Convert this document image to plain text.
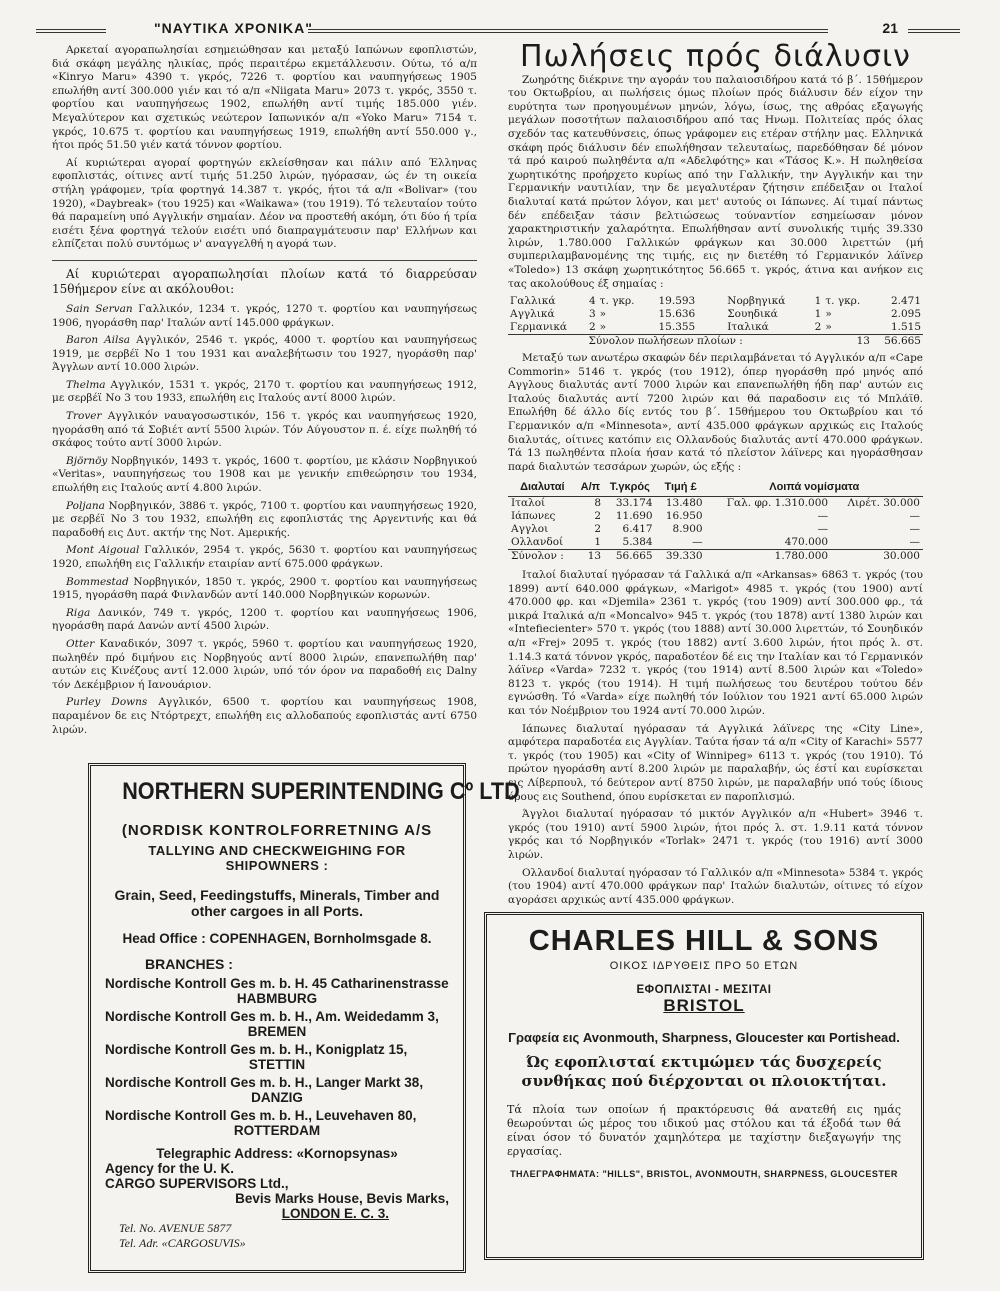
"ΝΑΥΤΙΚΑ ΧΡΟΝΙΚΑ"	21

Αρκεταί αγοραπωλησίαι εσημειώθησαν και μεταξύ Ιαπώνων εφοπλιστών, διά σκάφη μεγάλης ηλικίας, πρός περαιτέρω εκμετάλλευσιν. Ούτω, τό α/π «Kinryo Maru» 4390 τ. γκρός, 7226 τ. φορτίου και ναυπηγήσεως 1905 επωλήθη αντί 300.000 γιέν και τό α/π «Niigata Maru» 2073 τ. γκρός, 3550 τ. φορτίου και ναυπηγήσεως 1902, επωλήθη αντί τιμής 185.000 γιέν. Μεγαλύτερον και σχετικώς νεώτερον Ιαπωνικόν α/π «Yoko Maru» 7154 τ. γκρός, 10.675 τ. φορτίου και ναυπηγήσεως 1919, επωλήθη αντί 550.000 γ., ήτοι πρός 51.50 γιέν κατά τόννον φορτίου.

Αί κυριώτεραι αγοραί φορτηγών εκλείσθησαν και πάλιν από Έλληνας εφοπλιστάς, οίτινες αντί τιμής 51.250 λιρών, ηγόρασαν, ώς έν τη οικεία στήλη γράφομεν, τρία φορτηγά 14.387 τ. γκρός, ήτοι τά α/π «Bolivar» (του 1920), «Daybreak» (του 1925) και «Waikawa» (του 1919). Τό τελευταίον τούτο θά παραμείνη υπό Αγγλικήν σημαίαν. Δέον να προστεθή ακόμη, ότι δύο ή τρία εισέτι ξένα φορτηγά τελούν εισέτι υπό διαπραγμάτευσιν παρ' Ελλήνων και ελπίζεται πολύ συντόμως ν' αναγγελθή η αγορά των.

Αί κυριώτεραι αγοραπωλησίαι πλοίων κατά τό διαρρεύσαν 15θήμερον είνε αι ακόλουθοι:

Sain Servan Γαλλικόν, 1234 τ. γκρός, 1270 τ. φορτίου και ναυπηγήσεως 1906, ηγοράσθη παρ' Ιταλών αντί 145.000 φράγκων.

Baron Ailsa Αγγλικόν, 2546 τ. γκρός, 4000 τ. φορτίου και ναυπηγήσεως 1919, με σερβέϊ No 1 του 1931 και αναλεβήτωσιν του 1927, ηγοράσθη παρ' Άγγλων αντί 10.000 λιρών.

Thelma Αγγλικόν, 1531 τ. γκρός, 2170 τ. φορτίου και ναυπηγήσεως 1912, με σερβέϊ No 3 του 1933, επωλήθη εις Ιταλούς αντί 8000 λιρών.

Trover Αγγλικόν ναυαγοσωστικόν, 156 τ. γκρός και ναυπηγήσεως 1920, ηγοράσθη από τά Σοβιέτ αντί 5500 λιρών. Τόν Αύγουστον π. έ. είχε πωληθή τό σκάφος τούτο αντί 3000 λιρών.

Björnöy Νορβηγικόν, 1493 τ. γκρός, 1600 τ. φορτίου, με κλάσιν Νορβηγικού «Veritas», ναυπηγήσεως του 1908 και με γενικήν επιθεώρησιν του 1934, επωλήθη εις Ιταλούς αντί 4.800 λιρών.

Poljana Νορβηγικόν, 3886 τ. γκρός, 7100 τ. φορτίου και ναυπηγήσεως 1920, με σερβέϊ No 3 του 1932, επωλήθη εις εφοπλιστάς της Αργεντινής και θά παραδοθή εις Δυτ. ακτήν της Νοτ. Αμερικής.

Mont Aigoual Γαλλικόν, 2954 τ. γκρός, 5630 τ. φορτίου και ναυπηγήσεως 1920, επωλήθη εις Γαλλικήν εταιρίαν αντί 675.000 φράγκων.

Bommestad Νορβηγικόν, 1850 τ. γκρός, 2900 τ. φορτίου και ναυπηγήσεως 1915, ηγοράσθη παρά Φινλανδών αντί 140.000 Νορβηγικών κορωνών.

Riga Δανικόν, 749 τ. γκρός, 1200 τ. φορτίου και ναυπηγήσεως 1906, ηγοράσθη παρά Δανών αντί 4500 λιρών.

Otter Καναδικόν, 3097 τ. γκρός, 5960 τ. φορτίου και ναυπηγήσεως 1920, πωληθέν πρό διμήνου εις Νορβηγούς αντί 8000 λιρών, επανεπωλήθη παρ' αυτών εις Κινέζους αντί 12.000 λιρών, υπό τόν όρον να παραδοθή εις Dalny τόν Δεκέμβριον ή Ιανουάριον.

Purley Downs Αγγλικόν, 6500 τ. φορτίου και ναυπηγήσεως 1908, παραμένον δε εις Ντόρτρεχτ, επωλήθη εις αλλοδαπούς εφοπλιστάς αντί 6750 λιρών.

NORTHERN SUPERINTENDING Cº LTD
(NORDISK KONTROLFORRETNING A/S
TALLYING AND CHECKWEIGHING FOR SHIPOWNERS :
Grain, Seed, Feedingstuffs, Minerals, Timber and other cargoes in all Ports.
Head Office : COPENHAGEN, Bornholmsgade 8.
BRANCHES :
Nordische Kontroll Ges m. b. H. 45 Catharinenstrasse
HABMBURG
Nordische Kontroll Ges m. b. H., Am. Weidedamm 3,
BREMEN
Nordische Kontroll Ges m. b. H., Konigplatz 15,
STETTIN
Nordische Kontroll Ges m. b. H., Langer Markt 38,
DANZIG
Nordische Kontroll Ges m. b. H., Leuvehaven 80,
ROTTERDAM
Telegraphic Address: «Kornopsynas»
Agency for the U. K.
CARGO SUPERVISORS Ltd.,
Bevis Marks House, Bevis Marks,
LONDON E. C. 3.
Tel. No. AVENUE 5877
Tel. Adr. «CARGOSUVIS»
Πωλήσεις πρός διάλυσιν

Ζωηρότης διέκρινε την αγοράν του παλαιοσιδήρου κατά τό β΄. 15θήμερον του Οκτωβρίου, αι πωλήσεις όμως πλοίων πρός διάλυσιν δέν είχον την ευρύτητα των προηγουμένων μηνών, λόγω, ίσως, της αθρόας εξαγωγής μεγάλων ποσοτήτων παλαιοσιδήρου από τας Ηνωμ. Πολιτείας πρός όλας σχεδόν τας κατευθύνσεις, όπως γράφομεν εις ετέραν στήλην μας. Ελληνικά σκάφη πρός διάλυσιν δέν επωλήθησαν τελευταίως, παρεδόθησαν δέ μόνον τά πρό καιρού πωληθέντα α/π «Αδελφότης» και «Τάσος Κ.». Η πωληθείσα χωρητικότης προήρχετο κυρίως από την Γαλλικήν, την Αγγλικήν και την Γερμανικήν ναυτιλίαν, την δε μεγαλυτέραν ζήτησιν επέδειξαν οι Ιταλοί διαλυταί κατά πρώτον λόγον, και μετ' αυτούς οι Ιάπωνες. Αί τιμαί πάντως δέν επέδειξαν τάσιν βελτιώσεως τούναντίον εσημείωσαν μόνον χαρακτηριστικήν χαλαρότητα. Επωλήθησαν αντί συνολικής τιμής 39.330 λιρών, 1.780.000 Γαλλικών φράγκων και 30.000 λιρεττών (μή συμπεριλαμβανομένης της τιμής, εις ην διετέθη τό Γερμανικόν λάϊνερ «Toledo») 13 σκάφη χωρητικότητος 56.665 τ. γκρός, άτινα και ανήκον εις τας ακολούθους έξ σημαίας :

Γαλλικά	4	τ. γκρ.	19.593	Νορβηγικά	1	τ. γκρ.	2.471
Αγγλικά	3	»	15.636	Σουηδικά	1	»	2.095
Γερμανικά	2	»	15.355	Ιταλικά	2	»	1.515
Σύνολον πωλήσεων πλοίων :						13	56.665

Μεταξύ των ανωτέρω σκαφών δέν περιλαμβάνεται τό Αγγλικόν α/π «Cape Commorin» 5146 τ. γκρός (του 1912), όπερ ηγοράσθη πρό μηνός από Αγγλους διαλυτάς αντί 7000 λιρών και επανεπωλήθη ήδη παρ' αυτών εις Ιταλούς διαλυτάς αντί 7200 λιρών και θά παραδοσιν εις τό Μπλάϊθ. Επωλήθη δέ άλλο δίς εντός του β΄. 15θήμερου του Οκτωβρίου και τό Γερμανικόν α/π «Minnesota», αντί 435.000 φράγκων αρχικώς εις Ιταλούς διαλυτάς, οίτινες κατόπιν εις Ολλανδούς διαλυτάς αντί 470.000 φράγκων. Τά 13 πωληθέντα πλοία ήσαν κατά τό πλείστον λάϊνερς και ηγοράσθησαν παρά διαλυτών τεσσάρων χωρών, ώς εξής :

Διαλυταί	Α/π	Τ.γκρός	Τιμή £	Λοιπά νομίσματα	
Ιταλοί	8	33.174	13.480	Γαλ. φρ. 1.310.000	Λιρέτ. 30.000
Ιάπωνες	2	11.690	16.950	—	—
Αγγλοι	2	6.417	8.900	—	—
Ολλανδοί	1	5.384	—	470.000	—
Σύνολον :	13	56.665	39.330	1.780.000	30.000

Ιταλοί διαλυταί ηγόρασαν τά Γαλλικά α/π «Arkansas» 6863 τ. γκρός (του 1899) αντί 640.000 φράγκων, «Marigot» 4985 τ. γκρός (του 1900) αντί 470.000 φρ. και «Djemila» 2361 τ. γκρός (του 1909) αντί 300.000 φρ., τά μικρά Ιταλικά α/π «Moncalvo» 945 τ. γκρός (του 1878) αντί 1380 λιρών και «Intefiecienter» 570 τ. γκρός (του 1888) αντί 30.000 λιρεττών, τό Σουηδικόν α/π «Frej» 2095 τ. γκρός (του 1882) αντί 3.600 λιρών, ήτοι πρός λ. στ. 1.14.3 κατά τόννον γκρός, παραδοτέον δέ εις την Ιταλίαν και τό Γερμανικόν λάϊνερ «Varda» 7232 τ. γκρός (του 1914) αντί 8.500 λιρών και «Toledo» 8123 τ. γκρός (του 1914). Η τιμή πωλήσεως του δευτέρου τούτου δέν εγνώσθη. Τό «Varda» είχε πωληθή τόν Ιούλιον του 1921 αντί 65.000 λιρών και τόν Νοέμβριον του 1924 αντί 70.000 λιρών.

Ιάπωνες διαλυταί ηγόρασαν τά Αγγλικά λάϊνερς της «City Line», αμφότερα παραδοτέα εις Αγγλίαν. Ταύτα ήσαν τά α/π «City of Karachi» 5577 τ. γκρός (του 1905) και «City of Winnipeg» 6113 τ. γκρός (του 1910). Τό πρώτον ηγοράσθη αντί 8.200 λιρών με παραλαβήν, ώς έστί και ευρίσκεται εις Λίβερπουλ, τό δεύτερον αντί 8750 λιρών, με παραλαβήν υπό τούς ίδιους όρους εις Southend, όπου ευρίσκεται εν παροπλισμώ.

Άγγλοι διαλυταί ηγόρασαν τό μικτόν Αγγλικόν α/π «Hubert» 3946 τ. γκρός (του 1910) αντί 5900 λιρών, ήτοι πρός λ. στ. 1.9.11 κατά τόννον γκρός και τό Νορβηγικόν «Torlak» 2471 τ. γκρός (του 1916) αντί 3000 λιρών.

Ολλανδοί διαλυταί ηγόρασαν τό Γαλλικόν α/π «Minnesota» 5384 τ. γκρός (του 1904) αντί 470.000 φράγκων παρ' Ιταλών διαλυτών, οίτινες τό είχον αγοράσει αρχικώς αντί 435.000 φράγκων.

CHARLES HILL & SONS
ΟΙΚΟΣ ΙΔΡΥΘΕΙΣ ΠΡΟ 50 ΕΤΩΝ
ΕΦΟΠΛΙΣΤΑΙ - ΜΕΣΙΤΑΙ
BRISTOL
Γραφεία εις Avonmouth, Sharpness, Gloucester και Portishead.
Ώς εφοπλισταί εκτιμώμεν τάς δυσχερείς συνθήκας πού διέρχονται οι πλοιοκτήται.
Τά πλοία των οποίων ή πρακτόρευσις θά ανατεθή εις ημάς θεωρούνται ώς μέρος του ιδικού μας στόλου και τά έξοδά των θά είναι όσον τό δυνατόν χαμηλότερα με ταχίστην διεξαγωγήν της εργασίας.
ΤΗΛΕΓΡΑΦΗΜΑΤΑ: "HILLS", BRISTOL, AVONMOUTH, SHARPNESS, GLOUCESTER
